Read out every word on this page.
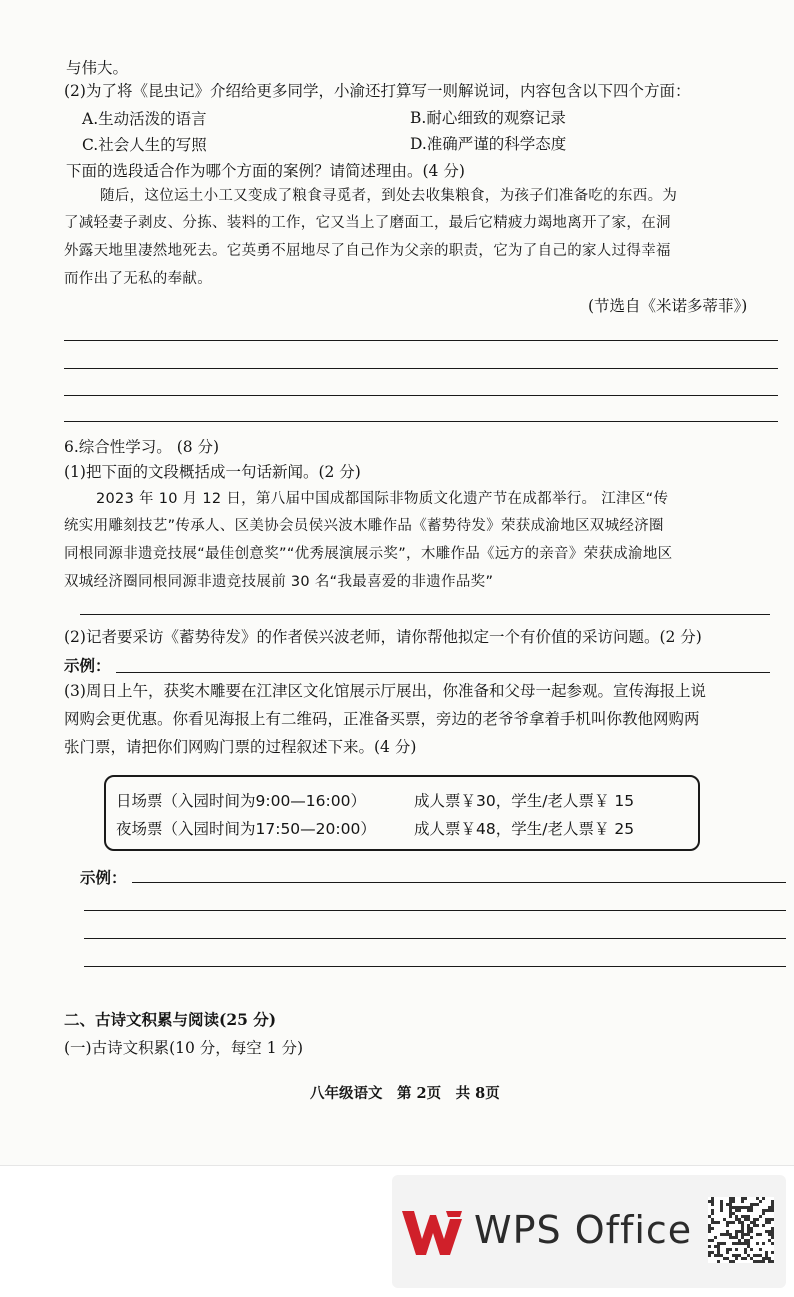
与伟大。
(2)为了将《昆虫记》介绍给更多同学，小渝还打算写一则解说词，内容包含以下四个方面：
A.生动活泼的语言	B.耐心细致的观察记录
C.社会人生的写照	D.准确严谨的科学态度
下面的选段适合作为哪个方面的案例？请简述理由。(4 分)
随后，这位运土小工又变成了粮食寻觅者，到处去收集粮食，为孩子们准备吃的东西。为
了减轻妻子剥皮、分拣、装料的工作，它又当上了磨面工，最后它精疲力竭地离开了家，在洞
外露天地里凄然地死去。它英勇不屈地尽了自己作为父亲的职责，它为了自己的家人过得幸福
而作出了无私的奉献。
(节选自《米诺多蒂菲》)
6.综合性学习。 (8 分)
(1)把下面的文段概括成一句话新闻。(2 分)
2023 年 10 月 12 日，第八届中国成都国际非物质文化遗产节在成都举行。 江津区“传
统实用雕刻技艺”传承人、区美协会员侯兴波木雕作品《蓄势待发》荣获成渝地区双城经济圈
同根同源非遗竞技展“最佳创意奖”“优秀展演展示奖”，木雕作品《远方的亲音》荣获成渝地区
双城经济圈同根同源非遗竞技展前 30 名“我最喜爱的非遗作品奖”
(2)记者要采访《蓄势待发》的作者侯兴波老师，请你帮他拟定一个有价值的采访问题。(2 分)
示例：
(3)周日上午，获奖木雕要在江津区文化馆展示厅展出，你准备和父母一起参观。宣传海报上说
网购会更优惠。你看见海报上有二维码，正准备买票，旁边的老爷爷拿着手机叫你教他网购两
张门票，请把你们网购门票的过程叙述下来。(4 分)
日场票（入园时间为9:00—16:00）	成人票￥30，学生/老人票￥ 15
夜场票（入园时间为17:50—20:00） 成人票￥48，学生/老人票￥ 25
示例：
二、古诗文积累与阅读(25 分)
(一)古诗文积累(10 分，每空 1 分)
八年级语文　第 2页　共 8页
WPS Office
